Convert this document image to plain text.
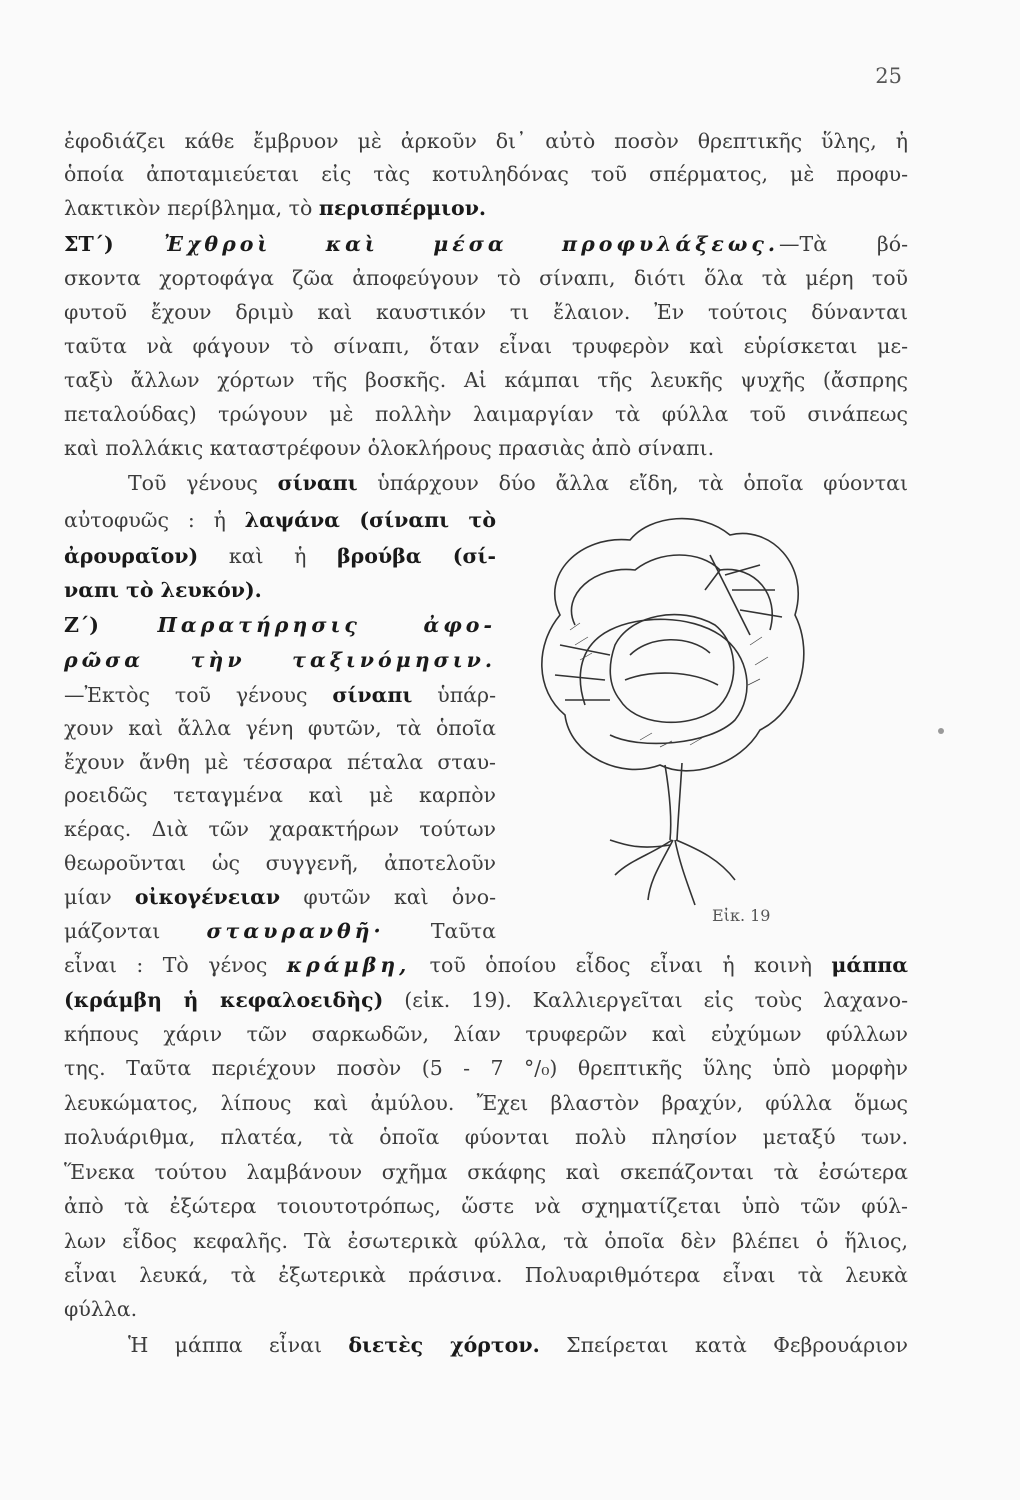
25
ἐφοδιάζει κάθε ἔμβρυον μὲ ἀρκοῦν δι᾽ αὐτὸ ποσὸν θρεπτικῆς ὕλης, ἡ
ὁποία ἀποταμιεύεται εἰς τὰς κοτυληδόνας τοῦ σπέρματος, μὲ προφυ-
λακτικὸν περίβλημα, τὸ περισπέρμιον.
ΣΤ΄) Ἐχθροὶ καὶ μέσα προφυλάξεως.—Τὰ βό-
σκοντα χορτοφάγα ζῶα ἀποφεύγουν τὸ σίναπι, διότι ὅλα τὰ μέρη τοῦ
φυτοῦ ἔχουν δριμὺ καὶ καυστικόν τι ἔλαιον. Ἐν τούτοις δύνανται
ταῦτα νὰ φάγουν τὸ σίναπι, ὅταν εἶναι τρυφερὸν καὶ εὑρίσκεται με-
ταξὺ ἄλλων χόρτων τῆς βοσκῆς. Αἱ κάμπαι τῆς λευκῆς ψυχῆς (ἄσπρης
πεταλούδας) τρώγουν μὲ πολλὴν λαιμαργίαν τὰ φύλλα τοῦ σινάπεως
καὶ πολλάκις καταστρέφουν ὁλοκλήρους πρασιὰς ἀπὸ σίναπι.
Τοῦ γένους σίναπι ὑπάρχουν δύο ἄλλα εἴδη, τὰ ὁποῖα φύονται
αὐτοφυῶς : ἡ λαψάνα (σίναπι τὸ
ἀρουραῖον) καὶ ἡ βρούβα (σί-
ναπι τὸ λευκόν).
Ζ΄) Παρατήρησις ἀφο-
ρῶσα τὴν ταξινόμησιν.
—Ἐκτὸς τοῦ γένους σίναπι ὑπάρ-
χουν καὶ ἄλλα γένη φυτῶν, τὰ ὁποῖα
ἔχουν ἄνθη μὲ τέσσαρα πέταλα σταυ-
ροειδῶς τεταγμένα καὶ μὲ καρπὸν
κέρας. Διὰ τῶν χαρακτήρων τούτων
θεωροῦνται ὡς συγγενῆ, ἀποτελοῦν
μίαν οἰκογένειαν φυτῶν καὶ ὀνο-
μάζονται σταυρανθῆ· Ταῦτα
Εἰκ. 19
εἶναι : Τὸ γένος κράμβη, τοῦ ὁποίου εἶδος εἶναι ἡ κοινὴ μάππα
(κράμβη ἡ κεφαλοειδὴς) (εἰκ. 19). Καλλιεργεῖται εἰς τοὺς λαχανο-
κήπους χάριν τῶν σαρκωδῶν, λίαν τρυφερῶν καὶ εὐχύμων φύλλων
της. Ταῦτα περιέχουν ποσὸν (5 - 7 °/₀) θρεπτικῆς ὕλης ὑπὸ μορφὴν
λευκώματος, λίπους καὶ ἀμύλου. Ἔχει βλαστὸν βραχύν, φύλλα ὅμως
πολυάριθμα, πλατέα, τὰ ὁποῖα φύονται πολὺ πλησίον μεταξύ των.
Ἕνεκα τούτου λαμβάνουν σχῆμα σκάφης καὶ σκεπάζονται τὰ ἐσώτερα
ἀπὸ τὰ ἐξώτερα τοιουτοτρόπως, ὥστε νὰ σχηματίζεται ὑπὸ τῶν φύλ-
λων εἶδος κεφαλῆς. Τὰ ἐσωτερικὰ φύλλα, τὰ ὁποῖα δὲν βλέπει ὁ ἥλιος,
εἶναι λευκά, τὰ ἐξωτερικὰ πράσινα. Πολυαριθμότερα εἶναι τὰ λευκὰ
φύλλα.
Ἡ μάππα εἶναι διετὲς χόρτον. Σπείρεται κατὰ Φεβρουάριον
